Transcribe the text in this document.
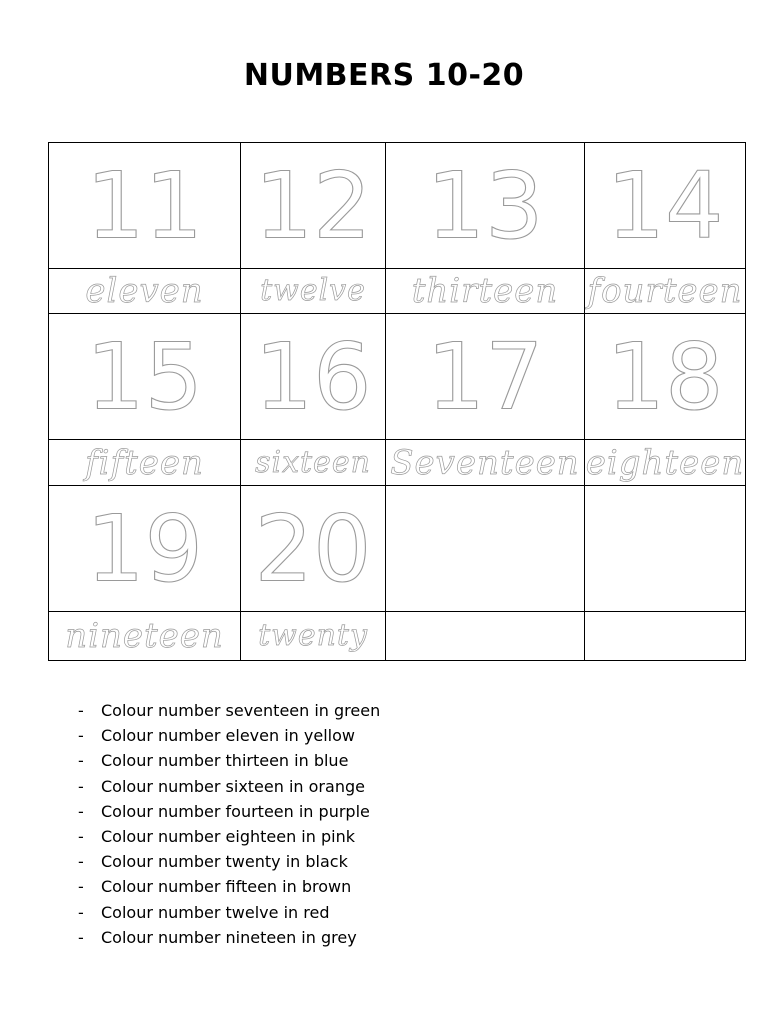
NUMBERS 10-20
11
eleven
12
twelve
13
thirteen
14
fourteen
15
fifteen
16
sixteen
17
Seventeen
18
eighteen
19
nineteen
20
twenty
- Colour number seventeen in green
- Colour number eleven in yellow
- Colour number thirteen in blue
- Colour number sixteen in orange
- Colour number fourteen in purple
- Colour number eighteen in pink
- Colour number twenty in black
- Colour number fifteen in brown
- Colour number twelve in red
- Colour number nineteen in grey
